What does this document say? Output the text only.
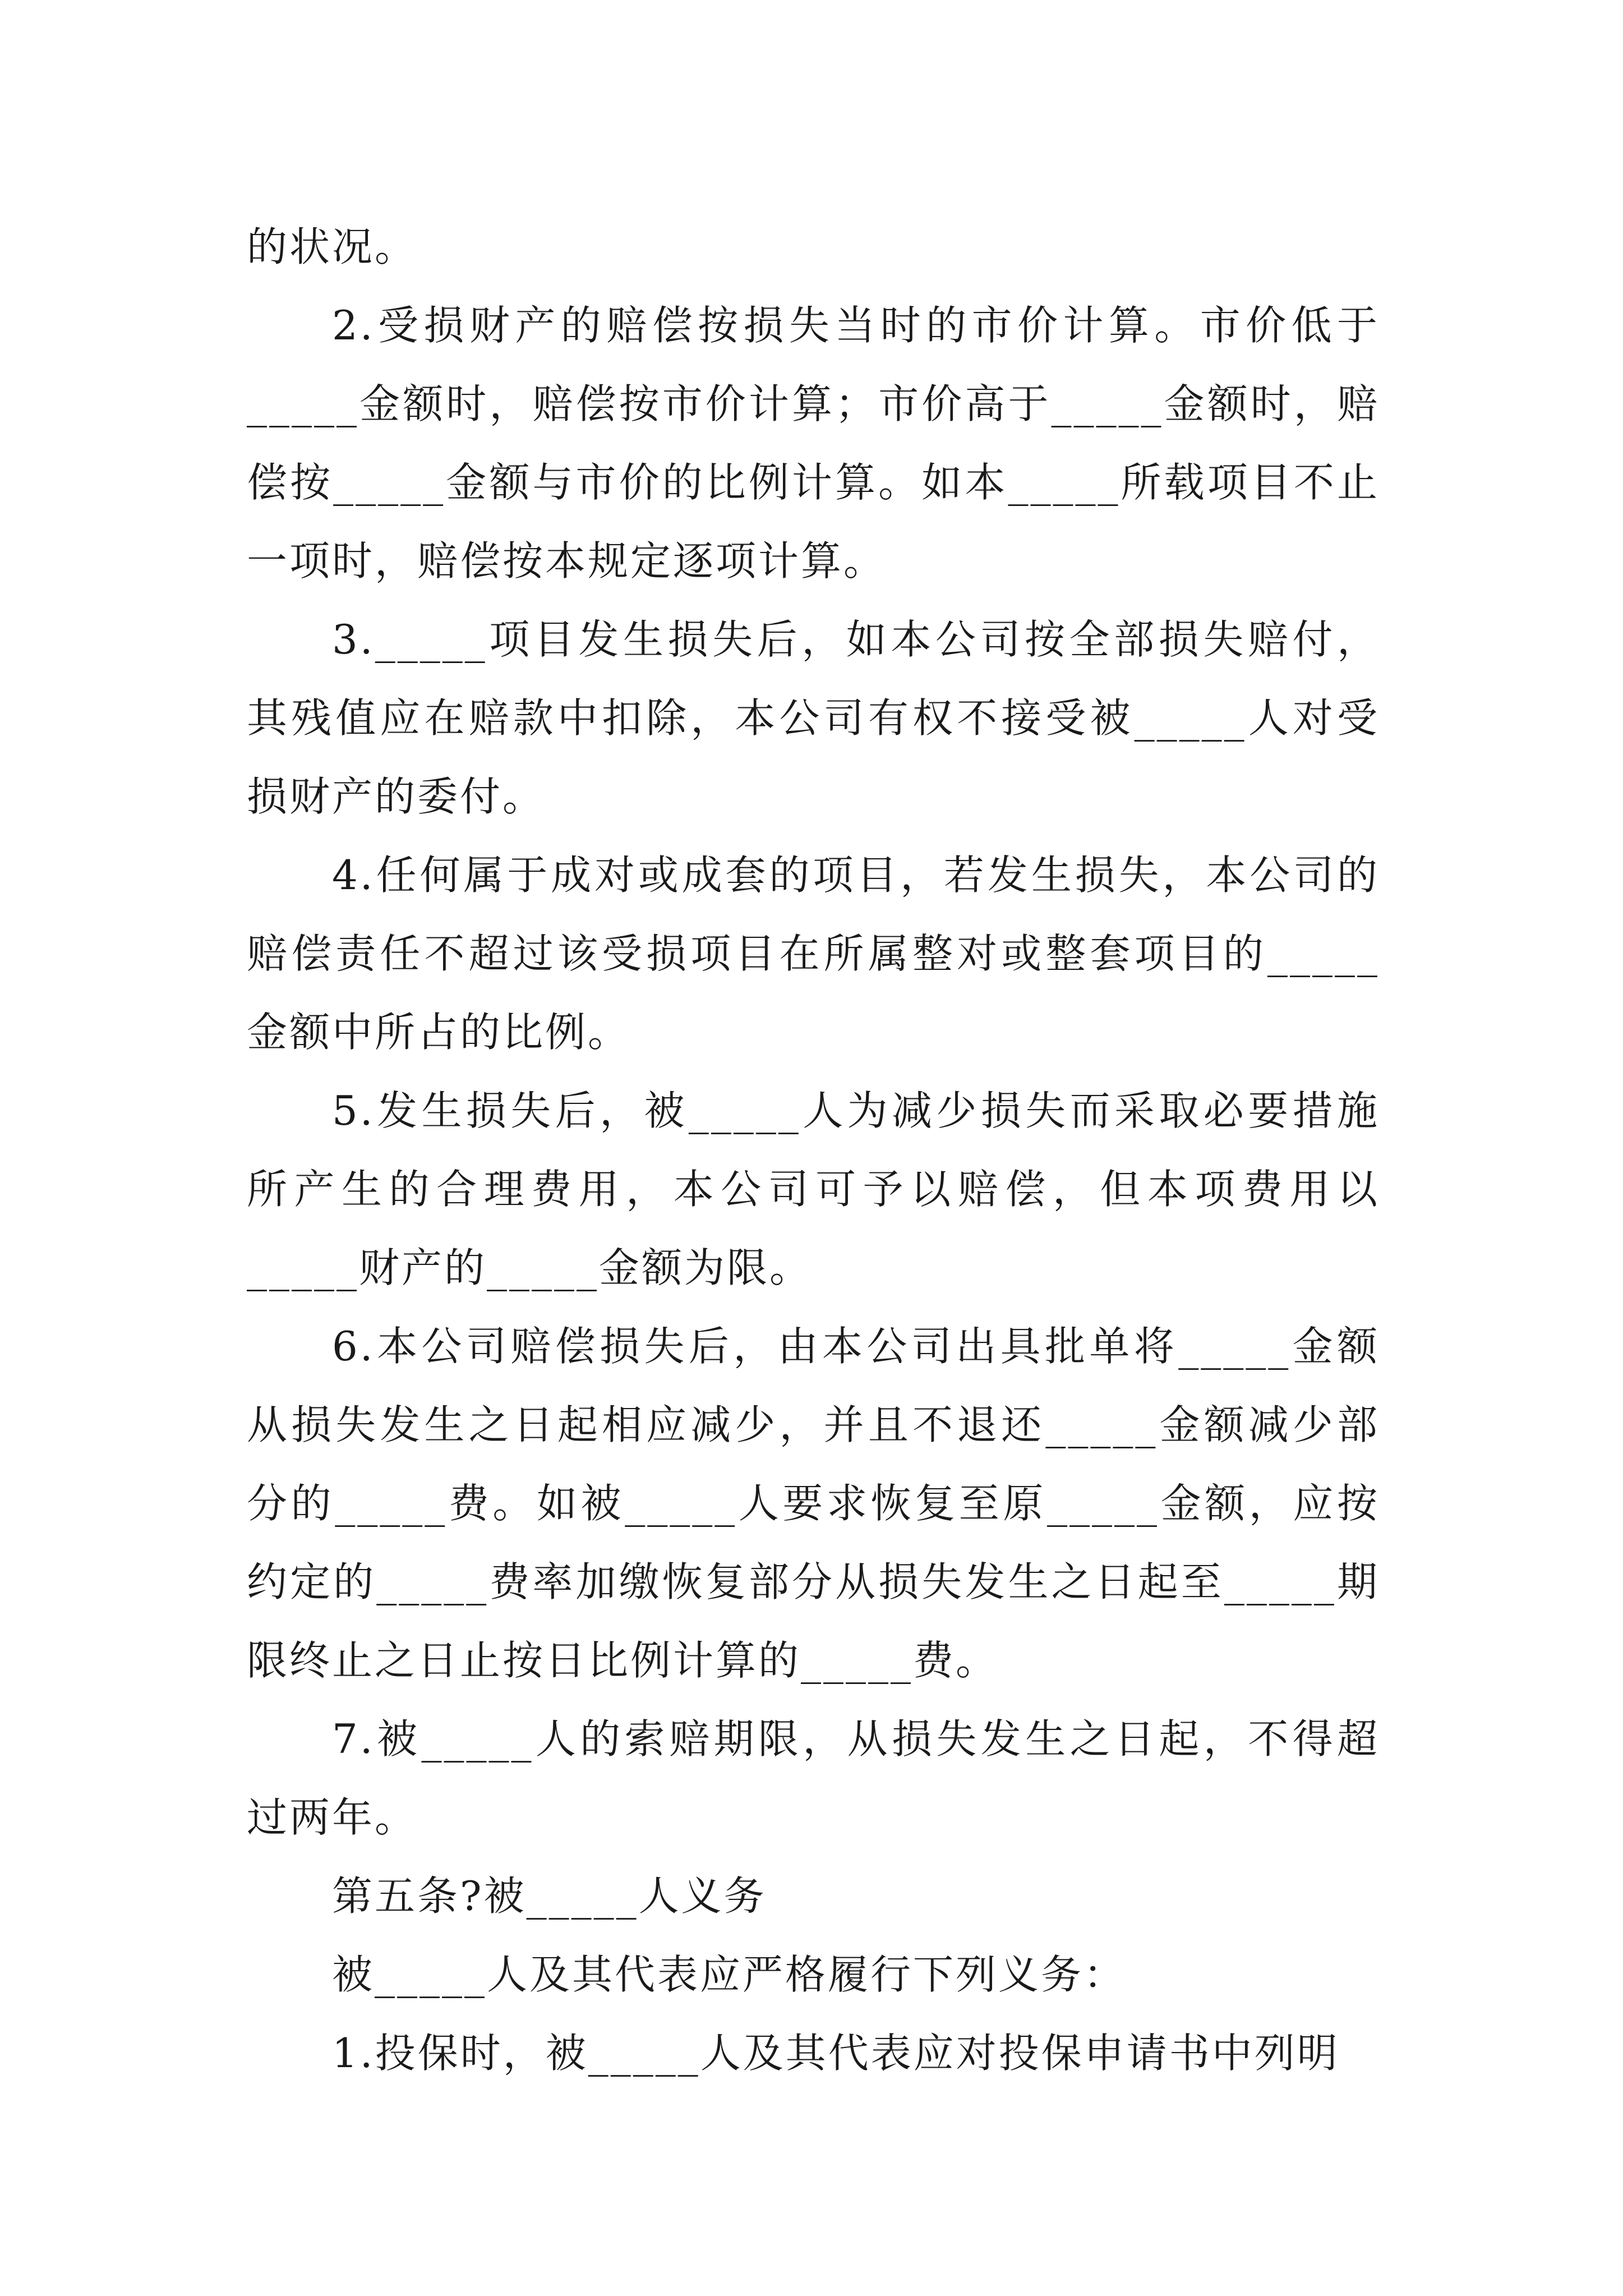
的状况。

2.受损财产的赔偿按损失当时的市价计算。市价低于_____金额时，赔偿按市价计算；市价高于_____金额时，赔偿按_____金额与市价的比例计算。如本_____所载项目不止一项时，赔偿按本规定逐项计算。

3._____项目发生损失后，如本公司按全部损失赔付，其残值应在赔款中扣除，本公司有权不接受被_____人对受损财产的委付。

4.任何属于成对或成套的项目，若发生损失，本公司的赔偿责任不超过该受损项目在所属整对或整套项目的_____金额中所占的比例。

5.发生损失后，被_____人为减少损失而采取必要措施所产生的合理费用，本公司可予以赔偿，但本项费用以_____财产的_____金额为限。

6.本公司赔偿损失后，由本公司出具批单将_____金额从损失发生之日起相应减少，并且不退还_____金额减少部分的_____费。如被_____人要求恢复至原_____金额，应按约定的_____费率加缴恢复部分从损失发生之日起至_____期限终止之日止按日比例计算的_____费。

7.被_____人的索赔期限，从损失发生之日起，不得超过两年。

第五条?被_____人义务

被_____人及其代表应严格履行下列义务：

1.投保时，被_____人及其代表应对投保申请书中列明
